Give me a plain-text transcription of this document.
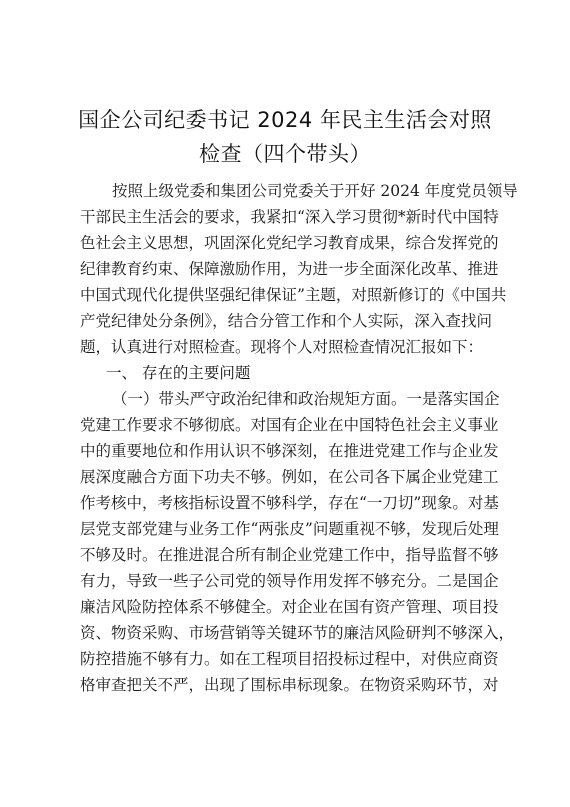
国企公司纪委书记 2024 年民主生活会对照
检查（四个带头）
按照上级党委和集团公司党委关于开好 2024 年度党员领导
干部民主生活会的要求，我紧扣“深入学习贯彻*新时代中国特
色社会主义思想，巩固深化党纪学习教育成果，综合发挥党的
纪律教育约束、保障激励作用，为进一步全面深化改革、推进
中国式现代化提供坚强纪律保证”主题，对照新修订的《中国共
产党纪律处分条例》，结合分管工作和个人实际，深入查找问
题，认真进行对照检查。现将个人对照检查情况汇报如下：
一、 存在的主要问题
（一）带头严守政治纪律和政治规矩方面。一是落实国企
党建工作要求不够彻底。对国有企业在中国特色社会主义事业
中的重要地位和作用认识不够深刻，在推进党建工作与企业发
展深度融合方面下功夫不够。例如，在公司各下属企业党建工
作考核中，考核指标设置不够科学，存在“一刀切”现象。对基
层党支部党建与业务工作“两张皮”问题重视不够，发现后处理
不够及时。在推进混合所有制企业党建工作中，指导监督不够
有力，导致一些子公司党的领导作用发挥不够充分。二是国企
廉洁风险防控体系不够健全。对企业在国有资产管理、项目投
资、物资采购、市场营销等关键环节的廉洁风险研判不够深入，
防控措施不够有力。如在工程项目招投标过程中，对供应商资
格审查把关不严，出现了围标串标现象。在物资采购环节，对
